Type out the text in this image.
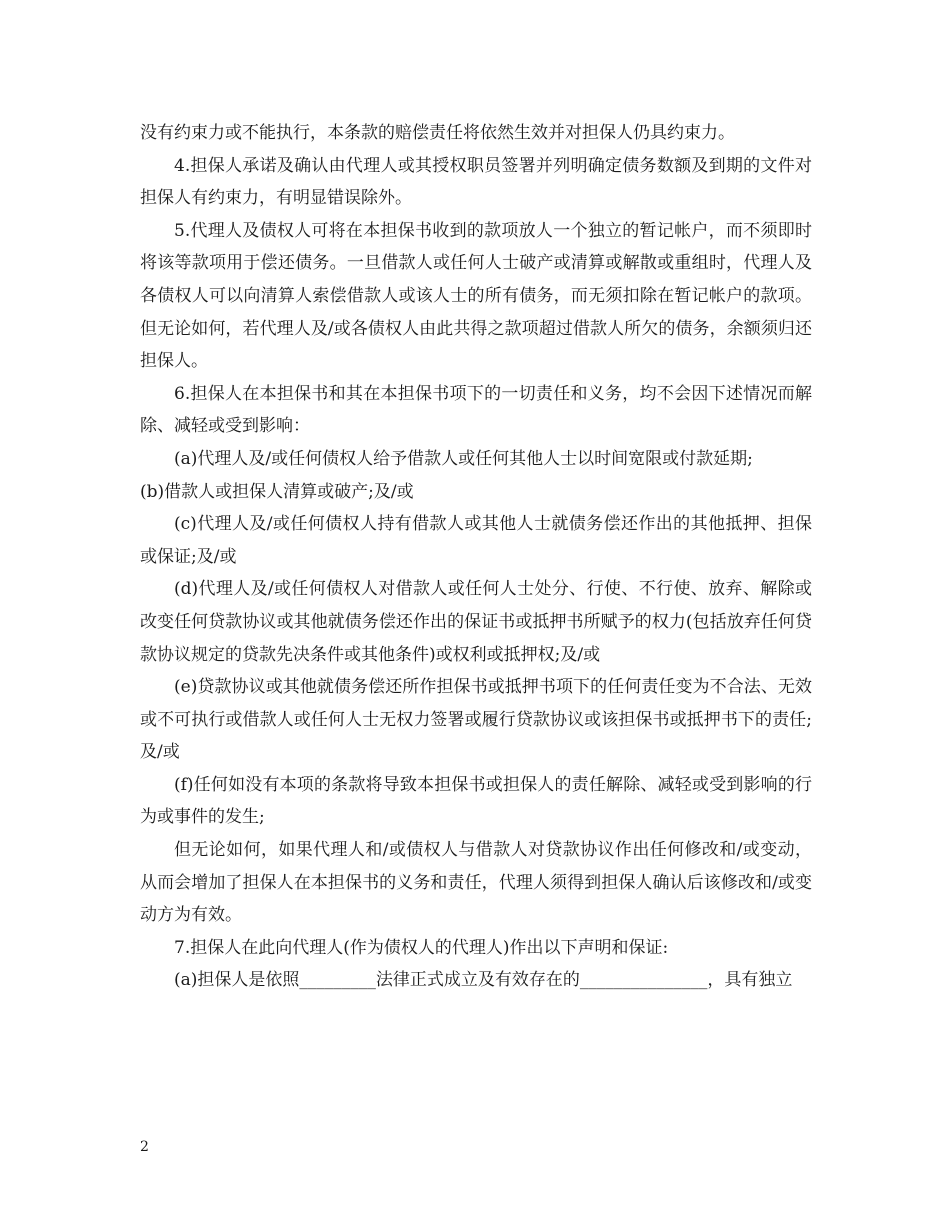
没有约束力或不能执行，本条款的赔偿责任将依然生效并对担保人仍具约束力。

4.担保人承诺及确认由代理人或其授权职员签署并列明确定债务数额及到期的文件对担保人有约束力，有明显错误除外。

5.代理人及债权人可将在本担保书收到的款项放人一个独立的暂记帐户，而不须即时将该等款项用于偿还债务。一旦借款人或任何人士破产或清算或解散或重组时，代理人及各债权人可以向清算人索偿借款人或该人士的所有债务，而无须扣除在暂记帐户的款项。但无论如何，若代理人及/或各债权人由此共得之款项超过借款人所欠的债务，余额须归还担保人。

6.担保人在本担保书和其在本担保书项下的一切责任和义务，均不会因下述情况而解除、减轻或受到影响：

(a)代理人及/或任何债权人给予借款人或任何其他人士以时间宽限或付款延期;

(b)借款人或担保人清算或破产;及/或

(c)代理人及/或任何债权人持有借款人或其他人士就债务偿还作出的其他抵押、担保或保证;及/或

(d)代理人及/或任何债权人对借款人或任何人士处分、行使、不行使、放弃、解除或改变任何贷款协议或其他就债务偿还作出的保证书或抵押书所赋予的权力(包括放弃任何贷款协议规定的贷款先决条件或其他条件)或权利或抵押权;及/或

(e)贷款协议或其他就债务偿还所作担保书或抵押书项下的任何责任变为不合法、无效或不可执行或借款人或任何人士无权力签署或履行贷款协议或该担保书或抵押书下的责任;及/或

(f)任何如没有本项的条款将导致本担保书或担保人的责任解除、减轻或受到影响的行为或事件的发生;

但无论如何，如果代理人和/或债权人与借款人对贷款协议作出任何修改和/或变动，从而会增加了担保人在本担保书的义务和责任，代理人须得到担保人确认后该修改和/或变动方为有效。

7.担保人在此向代理人(作为债权人的代理人)作出以下声明和保证:

(a)担保人是依照_________法律正式成立及有效存在的_______________，具有独立

2
